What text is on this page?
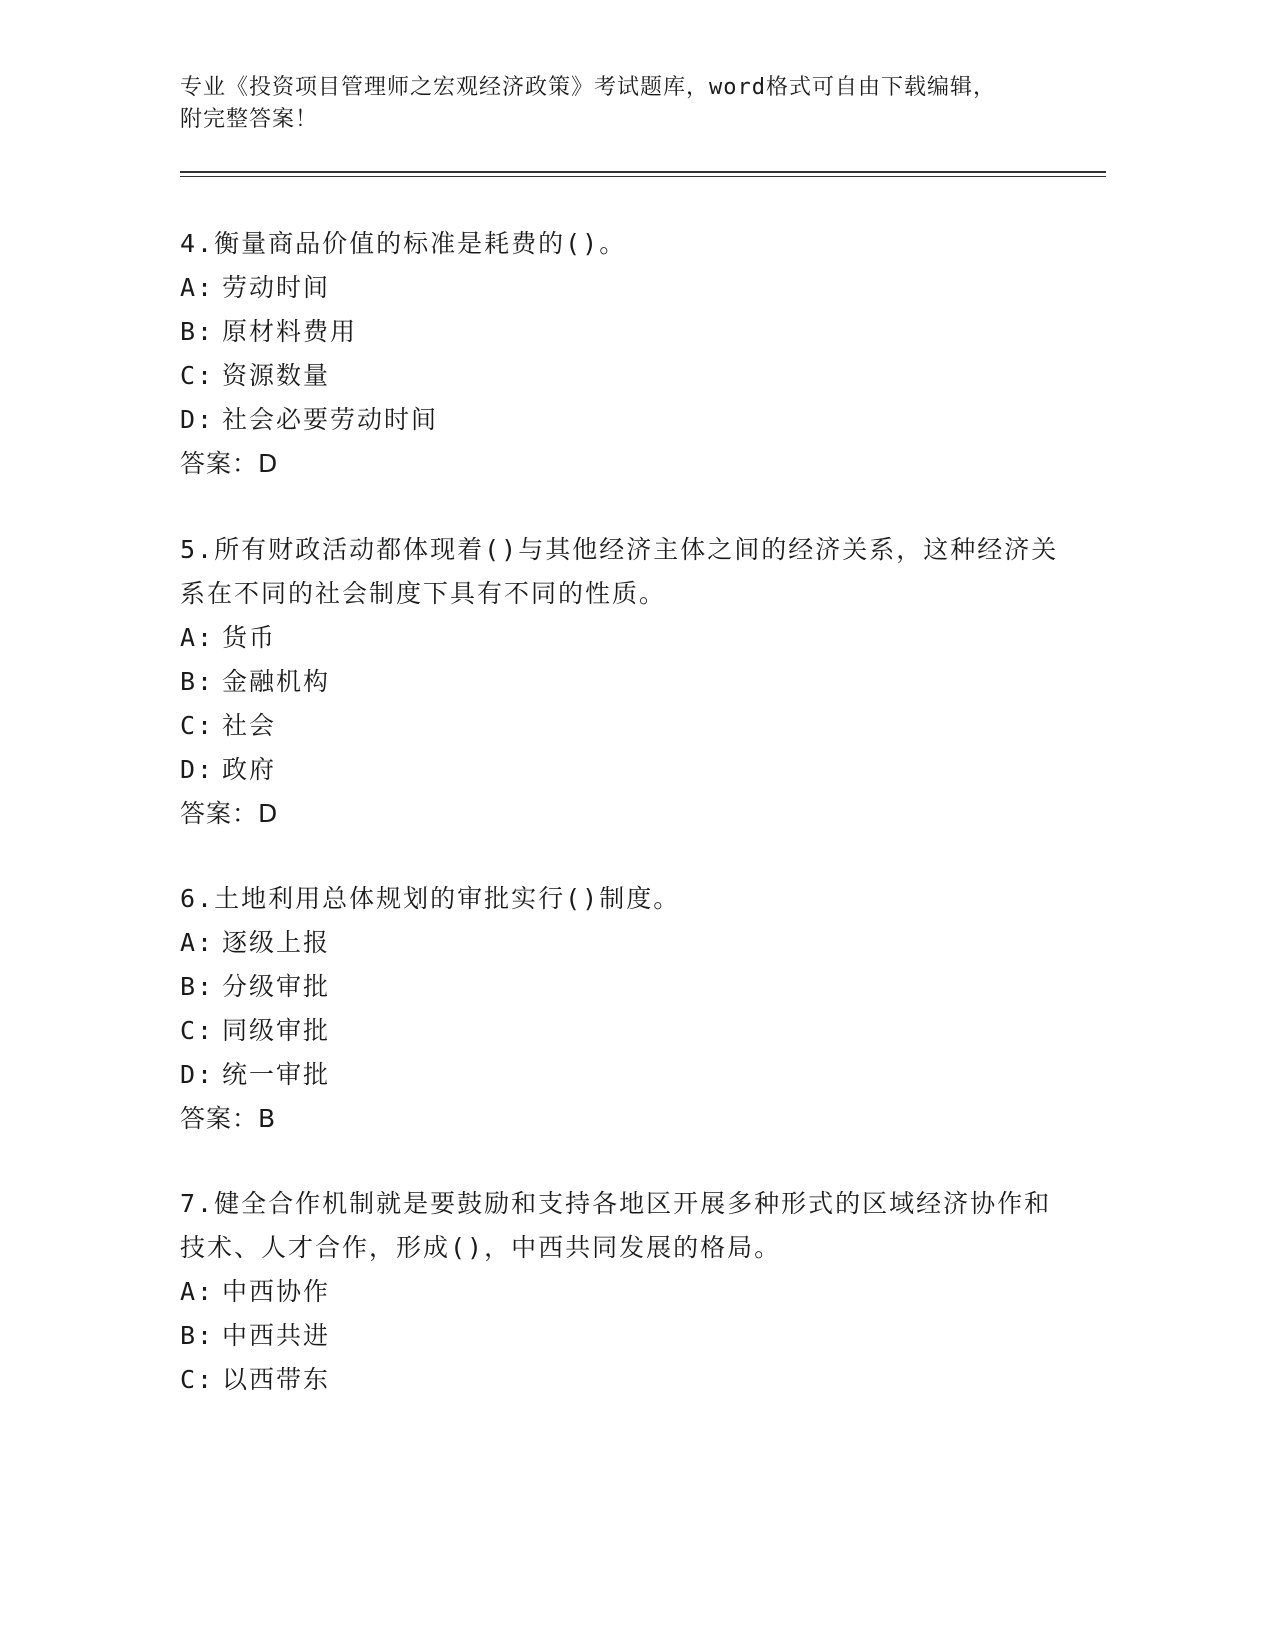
专业《投资项目管理师之宏观经济政策》考试题库，word格式可自由下载编辑，
附完整答案！

4.衡量商品价值的标准是耗费的()。

A: 劳动时间
B: 原材料费用
C: 资源数量
D: 社会必要劳动时间
答案：D

5.所有财政活动都体现着()与其他经济主体之间的经济关系，这种经济关系在不同的社会制度下具有不同的性质。

A: 货币
B: 金融机构
C: 社会
D: 政府
答案：D

6.土地利用总体规划的审批实行()制度。

A: 逐级上报
B: 分级审批
C: 同级审批
D: 统一审批
答案：B

7.健全合作机制就是要鼓励和支持各地区开展多种形式的区域经济协作和技术、人才合作，形成()，中西共同发展的格局。

A: 中西协作
B: 中西共进
C: 以西带东
